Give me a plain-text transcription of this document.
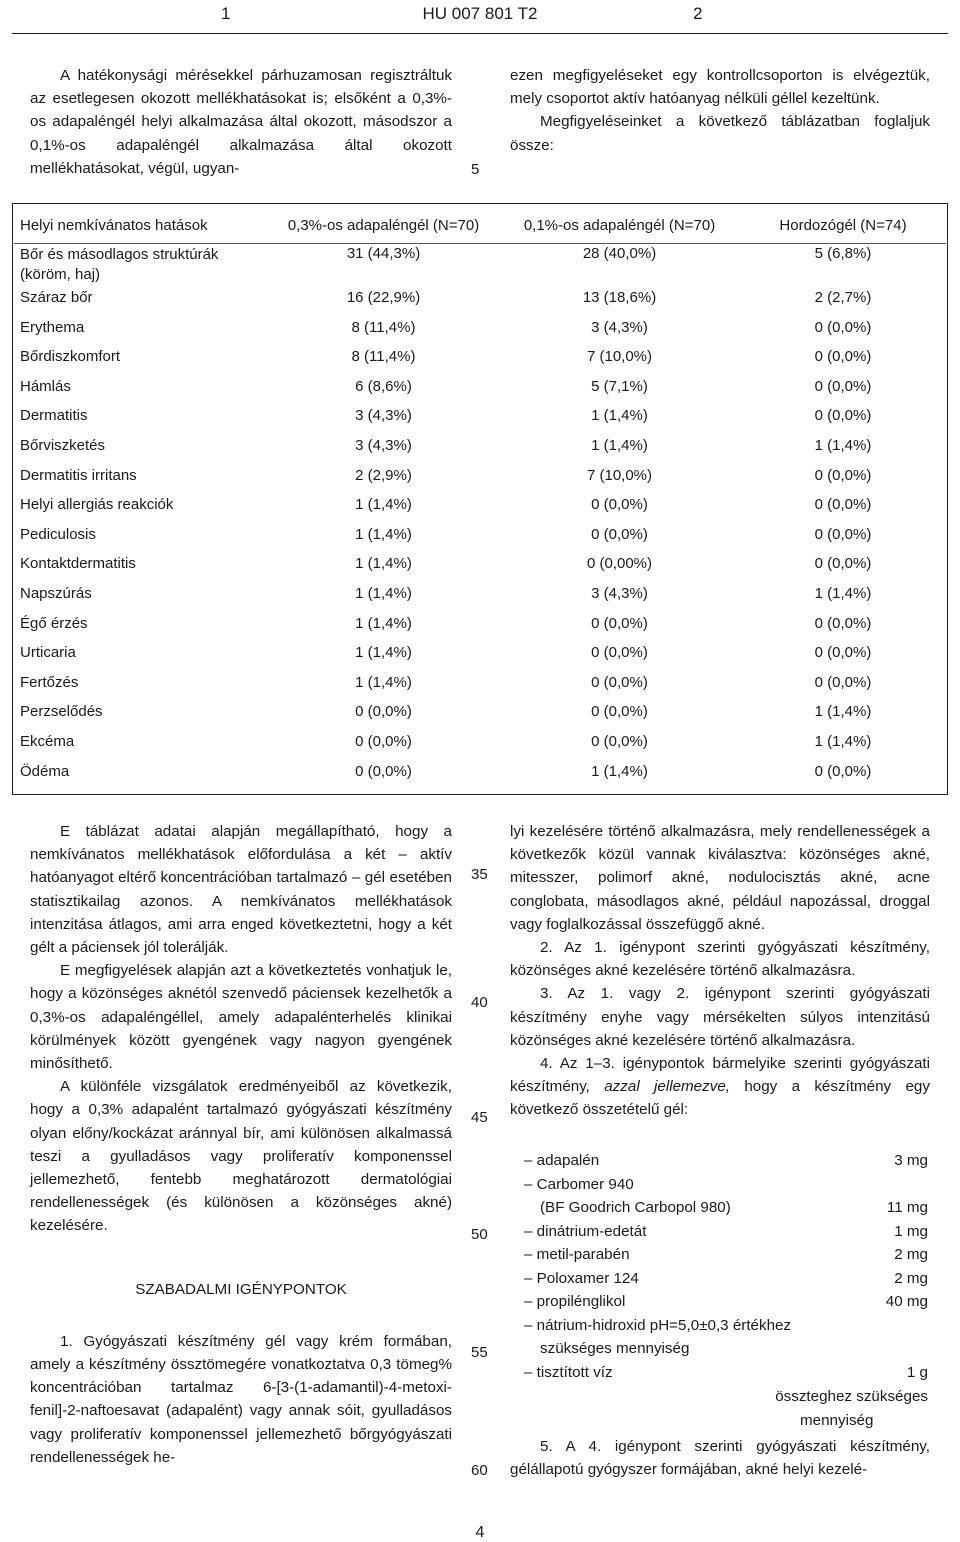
1	HU 007 801 T2	2

A hatékonysági mérésekkel párhuzamosan regisztráltuk az esetlegesen okozott mellékhatásokat is; elsőként a 0,3%-os adapaléngél helyi alkalmazása által okozott, másodszor a 0,1%-os adapaléngél alkalmazása által okozott mellékhatásokat, végül, ugyan-	5

ezen megfigyeléseket egy kontrollcsoporton is elvégeztük, mely csoportot aktív hatóanyag nélküli géllel kezeltünk.

Megfigyeléseinket a következő táblázatban foglaljuk össze:

Helyi nemkívánatos hatások	0,3%-os adapaléngél (N=70)	0,1%-os adapaléngél (N=70)	Hordozógél (N=74)
Bőr és másodlagos struktúrák (köröm, haj)	31 (44,3%)	28 (40,0%)	5 (6,8%)
Száraz bőr	16 (22,9%)	13 (18,6%)	2 (2,7%)
Erythema	8 (11,4%)	3 (4,3%)	0 (0,0%)
Bőrdiszkomfort	8 (11,4%)	7 (10,0%)	0 (0,0%)
Hámlás	6 (8,6%)	5 (7,1%)	0 (0,0%)
Dermatitis	3 (4,3%)	1 (1,4%)	0 (0,0%)
Bőrviszketés	3 (4,3%)	1 (1,4%)	1 (1,4%)
Dermatitis irritans	2 (2,9%)	7 (10,0%)	0 (0,0%)
Helyi allergiás reakciók	1 (1,4%)	0 (0,0%)	0 (0,0%)
Pediculosis	1 (1,4%)	0 (0,0%)	0 (0,0%)
Kontaktdermatitis	1 (1,4%)	0 (0,00%)	0 (0,0%)
Napszúrás	1 (1,4%)	3 (4,3%)	1 (1,4%)
Égő érzés	1 (1,4%)	0 (0,0%)	0 (0,0%)
Urticaria	1 (1,4%)	0 (0,0%)	0 (0,0%)
Fertőzés	1 (1,4%)	0 (0,0%)	0 (0,0%)
Perzselődés	0 (0,0%)	0 (0,0%)	1 (1,4%)
Ekcéma	0 (0,0%)	0 (0,0%)	1 (1,4%)
Ödéma	0 (0,0%)	1 (1,4%)	0 (0,0%)

E táblázat adatai alapján megállapítható, hogy a nemkívánatos mellékhatások előfordulása a két – aktív hatóanyagot eltérő koncentrációban tartalmazó – gél esetében statisztikailag azonos. A nemkívánatos mellékhatások intenzitása átlagos, ami arra enged következtetni, hogy a két gélt a páciensek jól tolerálják.

E megfigyelések alapján azt a következtetés vonhatjuk le, hogy a közönséges aknétól szenvedő páciensek kezelhetők a 0,3%-os adapaléngéllel, amely adapalénterhelés klinikai körülmények között gyengének vagy nagyon gyengének minősíthető.

A különféle vizsgálatok eredményeiből az következik, hogy a 0,3% adapalént tartalmazó gyógyászati készítmény olyan előny/kockázat aránnyal bír, ami különösen alkalmassá teszi a gyulladásos vagy proliferatív komponenssel jellemezhető, fentebb meghatározott dermatológiai rendellenességek (és különösen a közönséges akné) kezelésére.

SZABADALMI IGÉNYPONTOK

1. Gyógyászati készítmény gél vagy krém formában, amely a készítmény össztömegére vonatkoztatva 0,3 tömeg% koncentrációban tartalmaz 6-[3-(1-adamantil)-4-metoxi-fenil]-2-naftoesavat (adapalént) vagy annak sóit, gyulladásos vagy proliferatív komponenssel jellemezhető bőrgyógyászati rendellenességek he-

35
40
45
50
55
60

lyi kezelésére történő alkalmazásra, mely rendellenességek a következők közül vannak kiválasztva: közönséges akné, mitesszer, polimorf akné, nodulocisztás akné, acne conglobata, másodlagos akné, például napozással, droggal vagy foglalkozással összefüggő akné.

2. Az 1. igénypont szerinti gyógyászati készítmény, közönséges akné kezelésére történő alkalmazásra.

3. Az 1. vagy 2. igénypont szerinti gyógyászati készítmény enyhe vagy mérsékelten súlyos intenzitású közönséges akné kezelésére történő alkalmazásra.

4. Az 1–3. igénypontok bármelyike szerinti gyógyászati készítmény, azzal jellemezve, hogy a készítmény egy következő összetételű gél:

– adapalén	3 mg
– Carbomer 940
(BF Goodrich Carbopol 980)	11 mg
– dinátrium-edetát	1 mg
– metil-parabén	2 mg
– Poloxamer 124	2 mg
– propilénglikol	40 mg
– nátrium-hidroxid pH=5,0±0,3 értékhez
szükséges mennyiség
– tisztított víz	1 g
összteghez szükséges
mennyiség

5. A 4. igénypont szerinti gyógyászati készítmény, gélállapotú gyógyszer formájában, akné helyi kezelé-

4
